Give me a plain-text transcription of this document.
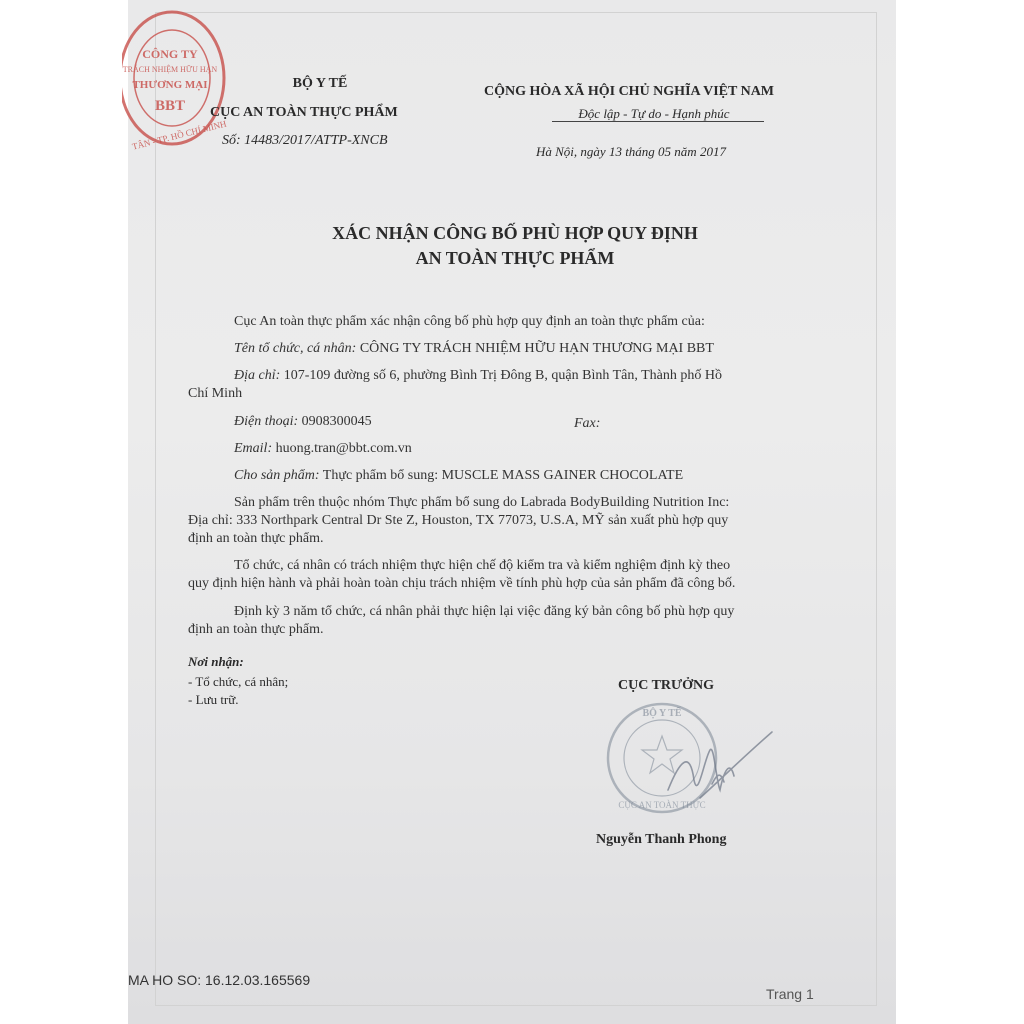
CÔNG TY
TRÁCH NHIỆM HỮU HẠN
THƯƠNG MẠI
BBT
TÂN - TP. HỒ CHÍ MINH
BỘ Y TẾ
CỤC AN TOÀN THỰC PHẨM
Số: 14483/2017/ATTP-XNCB
CỘNG HÒA XÃ HỘI CHỦ NGHĨA VIỆT NAM
Độc lập - Tự do - Hạnh phúc
Hà Nội, ngày 13 tháng 05 năm 2017
XÁC NHẬN CÔNG BỐ PHÙ HỢP QUY ĐỊNH
AN TOÀN THỰC PHẨM
Cục An toàn thực phẩm xác nhận công bố phù hợp quy định an toàn thực phẩm của:
Tên tổ chức, cá nhân: CÔNG TY TRÁCH NHIỆM HỮU HẠN THƯƠNG MẠI BBT
Địa chỉ: 107-109 đường số 6, phường Bình Trị Đông B, quận Bình Tân, Thành phố Hồ
Chí Minh
Điện thoại: 0908300045	Fax:
Email: huong.tran@bbt.com.vn
Cho sản phẩm: Thực phẩm bổ sung: MUSCLE MASS GAINER CHOCOLATE
Sản phẩm trên thuộc nhóm Thực phẩm bổ sung do Labrada BodyBuilding Nutrition Inc:
Địa chỉ: 333 Northpark Central Dr Ste Z, Houston, TX 77073, U.S.A, MỸ sản xuất phù hợp quy
định an toàn thực phẩm.
Tổ chức, cá nhân có trách nhiệm thực hiện chế độ kiểm tra và kiểm nghiệm định kỳ theo
quy định hiện hành và phải hoàn toàn chịu trách nhiệm về tính phù hợp của sản phẩm đã công bố.
Định kỳ 3 năm tổ chức, cá nhân phải thực hiện lại việc đăng ký bản công bố phù hợp quy
định an toàn thực phẩm.
Nơi nhận:
- Tổ chức, cá nhân;
- Lưu trữ.
CỤC TRƯỞNG
BỘ Y TẾ
CỤC AN TOÀN THỰC
Nguyễn Thanh Phong
MA HO SO: 16.12.03.165569
Trang 1
